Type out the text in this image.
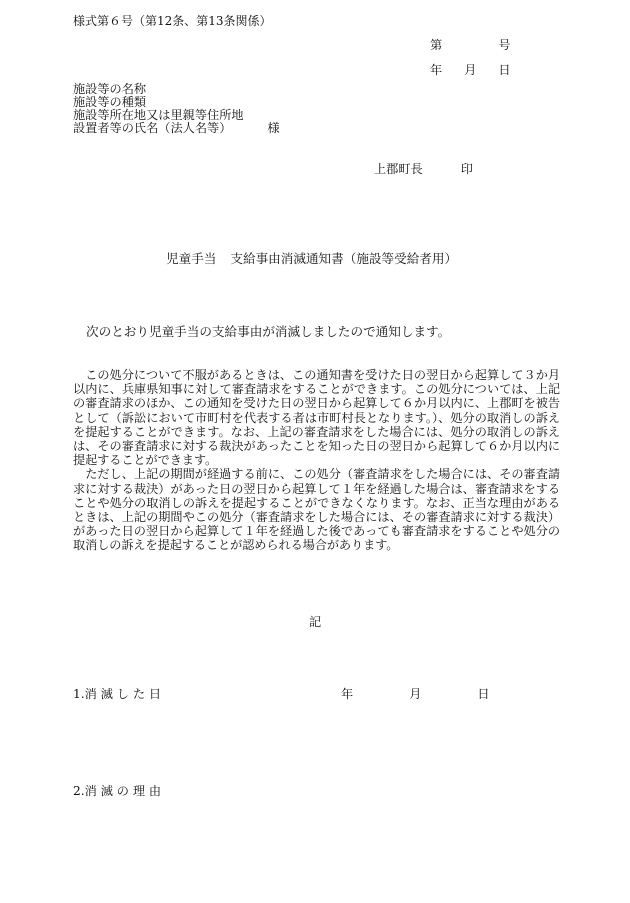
様式第６号（第12条、第13条関係）
第	号
年 月 日
施設等の名称
施設等の種類
施設等所在地又は里親等住所地
設置者等の氏名（法人名等）	様
上郡町長	印
児童手当 支給事由消滅通知書（施設等受給者用）
次のとおり児童手当の支給事由が消滅しましたので通知します。

この処分について不服があるときは、この通知書を受けた日の翌日から起算して３か月以内に、兵庫県知事に対して審査請求をすることができます。この処分については、上記の審査請求のほか、この通知を受けた日の翌日から起算して６か月以内に、上郡町を被告として（訴訟において市町村を代表する者は市町村長となります。）、処分の取消しの訴えを提起することができます。なお、上記の審査請求をした場合には、処分の取消しの訴えは、その審査請求に対する裁決があったことを知った日の翌日から起算して６か月以内に提起することができます。

ただし、上記の期間が経過する前に、この処分（審査請求をした場合には、その審査請求に対する裁決）があった日の翌日から起算して１年を経過した場合は、審査請求をすることや処分の取消しの訴えを提起することができなくなります。なお、正当な理由があるときは、上記の期間やこの処分（審査請求をした場合には、その審査請求に対する裁決）があった日の翌日から起算して１年を経過した後であっても審査請求をすることや処分の取消しの訴えを提起することが認められる場合があります。

記
1.消 滅 し た 日	年	月	日
2.消 滅 の 理 由
